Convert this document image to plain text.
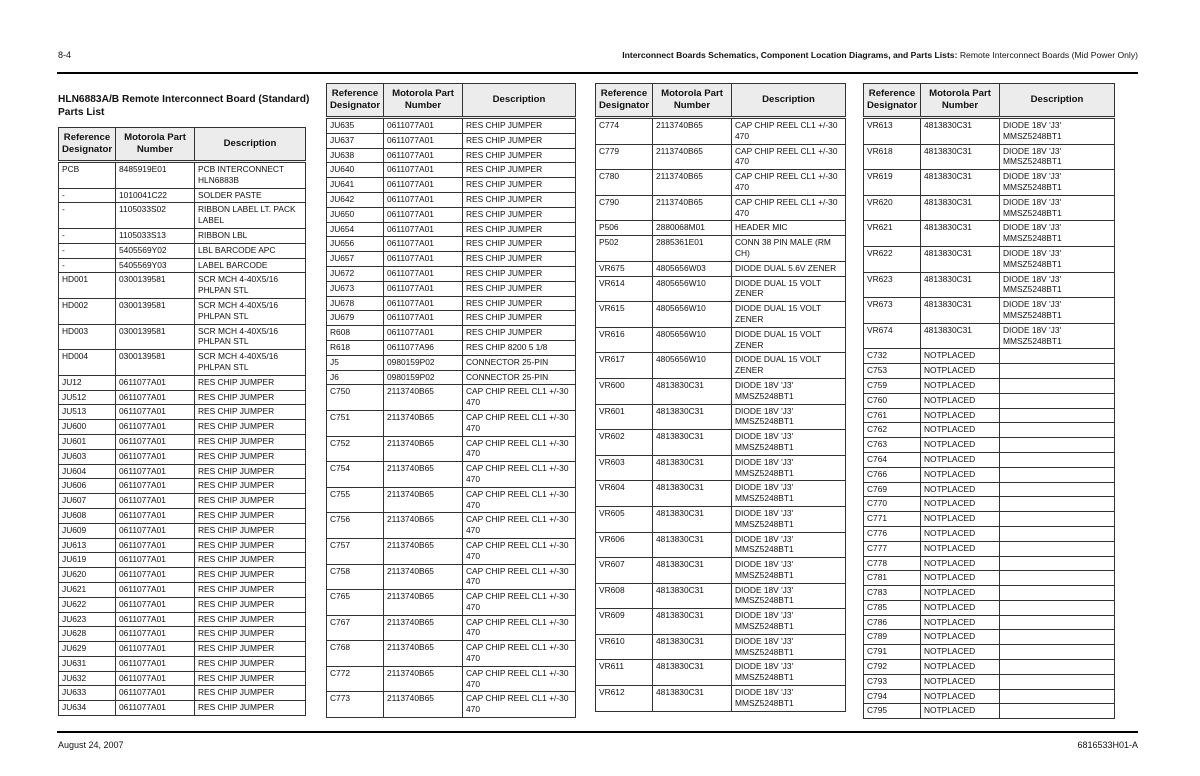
8-4	Interconnect Boards Schematics, Component Location Diagrams, and Parts Lists: Remote Interconnect Boards (Mid Power Only)
HLN6883A/B Remote Interconnect Board (Standard) Parts List
Reference Designator	Motorola Part Number	Description
PCB	8485919E01	PCB INTERCONNECT HLN6883B
-	1010041C22	SOLDER PASTE
-	1105033S02	RIBBON LABEL LT. PACK LABEL
-	1105033S13	RIBBON LBL
-	5405569Y02	LBL BARCODE APC
-	5405569Y03	LABEL BARCODE
HD001	0300139581	SCR MCH 4-40X5/16 PHLPAN STL
HD002	0300139581	SCR MCH 4-40X5/16 PHLPAN STL
HD003	0300139581	SCR MCH 4-40X5/16 PHLPAN STL
HD004	0300139581	SCR MCH 4-40X5/16 PHLPAN STL
JU12	0611077A01	RES CHIP JUMPER
JU512	0611077A01	RES CHIP JUMPER
JU513	0611077A01	RES CHIP JUMPER
JU600	0611077A01	RES CHIP JUMPER
JU601	0611077A01	RES CHIP JUMPER
JU603	0611077A01	RES CHIP JUMPER
JU604	0611077A01	RES CHIP JUMPER
JU606	0611077A01	RES CHIP JUMPER
JU607	0611077A01	RES CHIP JUMPER
JU608	0611077A01	RES CHIP JUMPER
JU609	0611077A01	RES CHIP JUMPER
JU613	0611077A01	RES CHIP JUMPER
JU619	0611077A01	RES CHIP JUMPER
JU620	0611077A01	RES CHIP JUMPER
JU621	0611077A01	RES CHIP JUMPER
JU622	0611077A01	RES CHIP JUMPER
JU623	0611077A01	RES CHIP JUMPER
JU628	0611077A01	RES CHIP JUMPER
JU629	0611077A01	RES CHIP JUMPER
JU631	0611077A01	RES CHIP JUMPER
JU632	0611077A01	RES CHIP JUMPER
JU633	0611077A01	RES CHIP JUMPER
JU634	0611077A01	RES CHIP JUMPER
Reference Designator	Motorola Part Number	Description
JU635	0611077A01	RES CHIP JUMPER
JU637	0611077A01	RES CHIP JUMPER
JU638	0611077A01	RES CHIP JUMPER
JU640	0611077A01	RES CHIP JUMPER
JU641	0611077A01	RES CHIP JUMPER
JU642	0611077A01	RES CHIP JUMPER
JU650	0611077A01	RES CHIP JUMPER
JU654	0611077A01	RES CHIP JUMPER
JU656	0611077A01	RES CHIP JUMPER
JU657	0611077A01	RES CHIP JUMPER
JU672	0611077A01	RES CHIP JUMPER
JU673	0611077A01	RES CHIP JUMPER
JU678	0611077A01	RES CHIP JUMPER
JU679	0611077A01	RES CHIP JUMPER
R608	0611077A01	RES CHIP JUMPER
R618	0611077A96	RES CHIP 8200 5 1/8
J5	0980159P02	CONNECTOR 25-PIN
J6	0980159P02	CONNECTOR 25-PIN
C750	2113740B65	CAP CHIP REEL CL1 +/-30 470
C751	2113740B65	CAP CHIP REEL CL1 +/-30 470
C752	2113740B65	CAP CHIP REEL CL1 +/-30 470
C754	2113740B65	CAP CHIP REEL CL1 +/-30 470
C755	2113740B65	CAP CHIP REEL CL1 +/-30 470
C756	2113740B65	CAP CHIP REEL CL1 +/-30 470
C757	2113740B65	CAP CHIP REEL CL1 +/-30 470
C758	2113740B65	CAP CHIP REEL CL1 +/-30 470
C765	2113740B65	CAP CHIP REEL CL1 +/-30 470
C767	2113740B65	CAP CHIP REEL CL1 +/-30 470
C768	2113740B65	CAP CHIP REEL CL1 +/-30 470
C772	2113740B65	CAP CHIP REEL CL1 +/-30 470
C773	2113740B65	CAP CHIP REEL CL1 +/-30 470
Reference Designator	Motorola Part Number	Description
C774	2113740B65	CAP CHIP REEL CL1 +/-30 470
C779	2113740B65	CAP CHIP REEL CL1 +/-30 470
C780	2113740B65	CAP CHIP REEL CL1 +/-30 470
C790	2113740B65	CAP CHIP REEL CL1 +/-30 470
P506	2880068M01	HEADER MIC
P502	2885361E01	CONN 38 PIN MALE (RM CH)
VR675	4805656W03	DIODE DUAL 5.6V ZENER
VR614	4805656W10	DIODE DUAL 15 VOLT ZENER
VR615	4805656W10	DIODE DUAL 15 VOLT ZENER
VR616	4805656W10	DIODE DUAL 15 VOLT ZENER
VR617	4805656W10	DIODE DUAL 15 VOLT ZENER
VR600	4813830C31	DIODE 18V 'J3' MMSZ5248BT1
VR601	4813830C31	DIODE 18V 'J3' MMSZ5248BT1
VR602	4813830C31	DIODE 18V 'J3' MMSZ5248BT1
VR603	4813830C31	DIODE 18V 'J3' MMSZ5248BT1
VR604	4813830C31	DIODE 18V 'J3' MMSZ5248BT1
VR605	4813830C31	DIODE 18V 'J3' MMSZ5248BT1
VR606	4813830C31	DIODE 18V 'J3' MMSZ5248BT1
VR607	4813830C31	DIODE 18V 'J3' MMSZ5248BT1
VR608	4813830C31	DIODE 18V 'J3' MMSZ5248BT1
VR609	4813830C31	DIODE 18V 'J3' MMSZ5248BT1
VR610	4813830C31	DIODE 18V 'J3' MMSZ5248BT1
VR611	4813830C31	DIODE 18V 'J3' MMSZ5248BT1
VR612	4813830C31	DIODE 18V 'J3' MMSZ5248BT1
Reference Designator	Motorola Part Number	Description
VR613	4813830C31	DIODE 18V 'J3' MMSZ5248BT1
VR618	4813830C31	DIODE 18V 'J3' MMSZ5248BT1
VR619	4813830C31	DIODE 18V 'J3' MMSZ5248BT1
VR620	4813830C31	DIODE 18V 'J3' MMSZ5248BT1
VR621	4813830C31	DIODE 18V 'J3' MMSZ5248BT1
VR622	4813830C31	DIODE 18V 'J3' MMSZ5248BT1
VR623	4813830C31	DIODE 18V 'J3' MMSZ5248BT1
VR673	4813830C31	DIODE 18V 'J3' MMSZ5248BT1
VR674	4813830C31	DIODE 18V 'J3' MMSZ5248BT1
C732	NOTPLACED	
C753	NOTPLACED	
C759	NOTPLACED	
C760	NOTPLACED	
C761	NOTPLACED	
C762	NOTPLACED	
C763	NOTPLACED	
C764	NOTPLACED	
C766	NOTPLACED	
C769	NOTPLACED	
C770	NOTPLACED	
C771	NOTPLACED	
C776	NOTPLACED	
C777	NOTPLACED	
C778	NOTPLACED	
C781	NOTPLACED	
C783	NOTPLACED	
C785	NOTPLACED	
C786	NOTPLACED	
C789	NOTPLACED	
C791	NOTPLACED	
C792	NOTPLACED	
C793	NOTPLACED	
C794	NOTPLACED	
C795	NOTPLACED	
August 24, 2007	6816533H01-A
